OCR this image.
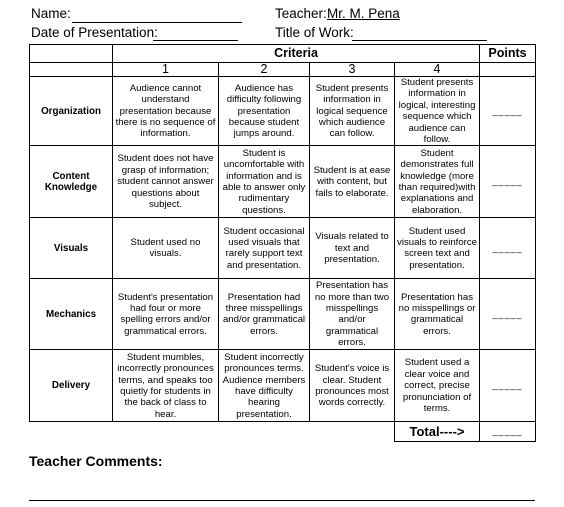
Name:	Teacher: Mr. M. Pena
Date of Presentation:	Title of Work:
	Criteria				Points
	1	2	3	4	
Organization	Audience cannot understand presentation because there is no sequence of information.	Audience has difficulty following presentation because student jumps around.	Student presents information in logical sequence which audience can follow.	Student presents information in logical, interesting sequence which audience can follow.	_____
Content Knowledge	Student does not have grasp of information; student cannot answer questions about subject.	Student is uncomfortable with information and is able to answer only rudimentary questions.	Student is at ease with content, but fails to elaborate.	Student demonstrates full knowledge (more than required)with explanations and elaboration.	_____
Visuals	Student used no visuals.	Student occasional used visuals that rarely support text and presentation.	Visuals related to text and presentation.	Student used visuals to reinforce screen text and presentation.	_____
Mechanics	Student's presentation had four or more spelling errors and/or grammatical errors.	Presentation had three misspellings and/or grammatical errors.	Presentation has no more than two misspellings and/or grammatical errors.	Presentation has no misspellings or grammatical errors.	_____
Delivery	Student mumbles, incorrectly pronounces terms, and speaks too quietly for students in the back of class to hear.	Student incorrectly pronounces terms. Audience members have difficulty hearing presentation.	Student's voice is clear. Student pronounces most words correctly.	Student used a clear voice and correct, precise pronunciation of terms.	_____
				Total---->	_____
Teacher Comments:
